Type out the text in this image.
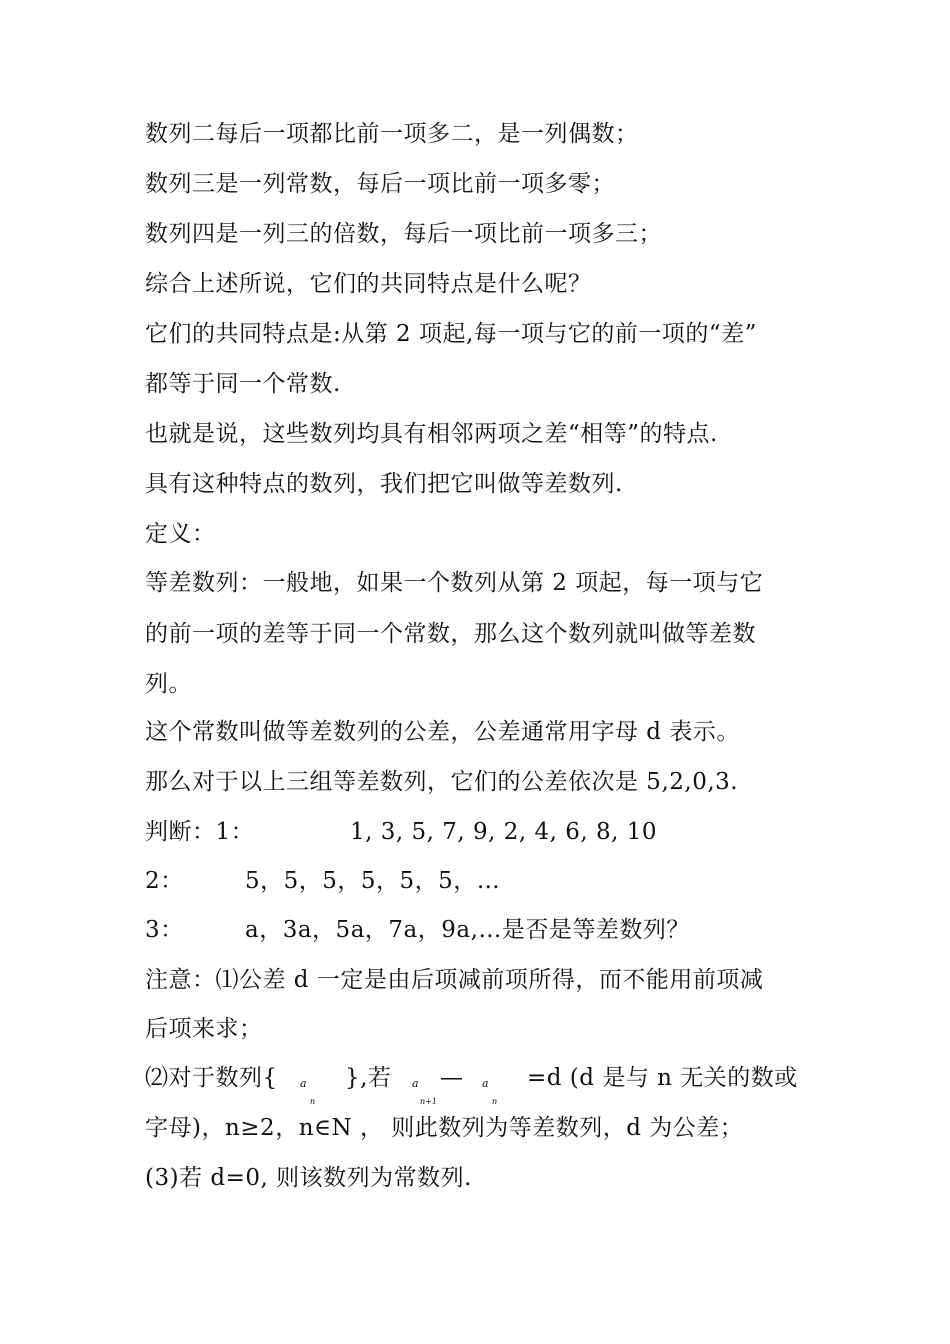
数列二每后一项都比前一项多二，是一列偶数；
数列三是一列常数，每后一项比前一项多零；
数列四是一列三的倍数，每后一项比前一项多三；
综合上述所说，它们的共同特点是什么呢？
它们的共同特点是:从第 2 项起,每一项与它的前一项的“差”
都等于同一个常数.
也就是说，这些数列均具有相邻两项之差“相等”的特点.
具有这种特点的数列，我们把它叫做等差数列.
定义：
等差数列：一般地，如果一个数列从第 2 项起，每一项与它
的前一项的差等于同一个常数，那么这个数列就叫做等差数
列。
这个常数叫做等差数列的公差，公差通常用字母 d 表示。
那么对于以上三组等差数列，它们的公差依次是 5,2,0,3.
判断：1：	1, 3, 5, 7, 9, 2, 4, 6, 8, 10
2：	5，5，5，5，5，5，…
3：	a，3a，5a，7a，9a,…是否是等差数列？
注意：⑴公差 d 一定是由后项减前项所得，而不能用前项减
后项来求；
⑵对于数列{ a
n
},若 a
n+1
— a
n
=d (d 是与 n 无关的数或
字母)，n≥2，n∈N ， 则此数列为等差数列，d 为公差；
(3)若 d=0, 则该数列为常数列.
